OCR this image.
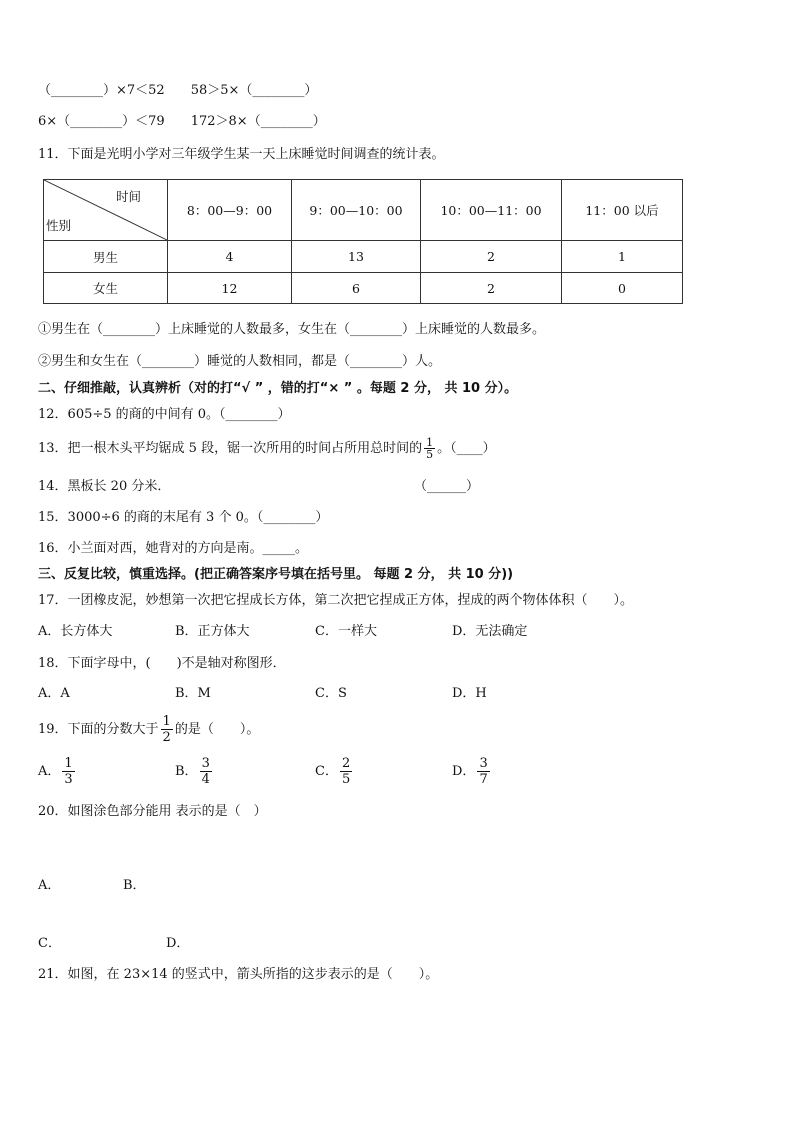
（________）×7＜52 58＞5×（________）
6×（________）＜79 172＞8×（________）
11．下面是光明小学对三年级学生某一天上床睡觉时间调查的统计表。
时间
性别	8：00—9：00	9：00—10：00	10：00—11：00	11：00 以后
男生	4	13	2	1
女生	12	6	2	0
①男生在（________）上床睡觉的人数最多，女生在（________）上床睡觉的人数最多。
②男生和女生在（________）睡觉的人数相同，都是（________）人。
二、仔细推敲，认真辨析（对的打“√ ” ，错的打“× ” 。每题 2 分， 共 10 分）。
12．605÷5 的商的中间有 0。（________）
13．把一根木头平均锯成 5 段，锯一次所用的时间占所用总时间的 $\frac{1}{5}$ 。（____）
14．黑板长 20 分米．	（______）
15．3000÷6 的商的末尾有 3 个 0。（________）
16．小兰面对西，她背对的方向是南。_____。
三、反复比较，慎重选择。(把正确答案序号填在括号里。 每题 2 分， 共 10 分))
17．一团橡皮泥，妙想第一次把它捏成长方体，第二次把它捏成正方体，捏成的两个物体体积（　　）。
A．长方体大	B．正方体大	C．一样大	D．无法确定
18．下面字母中，(　　)不是轴对称图形．
A．A	B．M	C．S	D．H
19．下面的分数大于 $\frac{1}{2}$ 的是（　　）。
A． $\frac{1}{3}$	B． $\frac{3}{4}$	C． $\frac{2}{5}$	D． $\frac{3}{7}$
20．如图涂色部分能用 表示的是（　）
A．	B．
C．	D．
21．如图，在 23×14 的竖式中，箭头所指的这步表示的是（　　）。
